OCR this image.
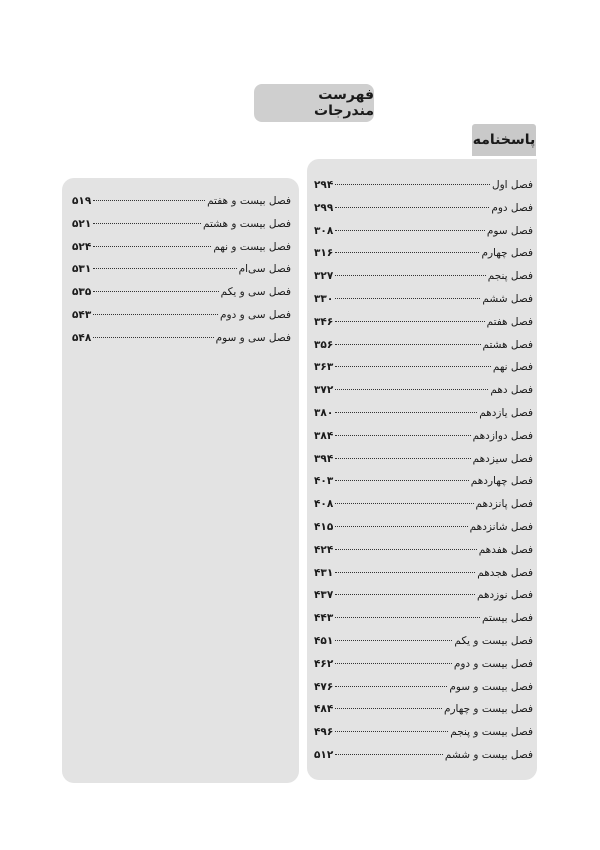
فهرست مندرجات
پاسخنامه
فصل اول
۲۹۴
فصل دوم
۲۹۹
فصل سوم
۳۰۸
فصل چهارم
۳۱۶
فصل پنجم
۳۲۷
فصل ششم
۳۳۰
فصل هفتم
۳۴۶
فصل هشتم
۳۵۶
فصل نهم
۳۶۳
فصل دهم
۳۷۲
فصل یازدهم
۳۸۰
فصل دوازدهم
۳۸۴
فصل سیزدهم
۳۹۴
فصل چهاردهم
۴۰۳
فصل پانزدهم
۴۰۸
فصل شانزدهم
۴۱۵
فصل هفدهم
۴۲۴
فصل هجدهم
۴۳۱
فصل نوزدهم
۴۳۷
فصل بیستم
۴۴۳
فصل بیست و یکم
۴۵۱
فصل بیست و دوم
۴۶۲
فصل بیست و سوم
۴۷۶
فصل بیست و چهارم
۴۸۴
فصل بیست و پنجم
۴۹۶
فصل بیست و ششم
۵۱۲
فصل بیست و هفتم
۵۱۹
فصل بیست و هشتم
۵۲۱
فصل بیست و نهم
۵۲۴
فصل سی‌ام
۵۳۱
فصل سی و یکم
۵۳۵
فصل سی و دوم
۵۴۳
فصل سی و سوم
۵۴۸
